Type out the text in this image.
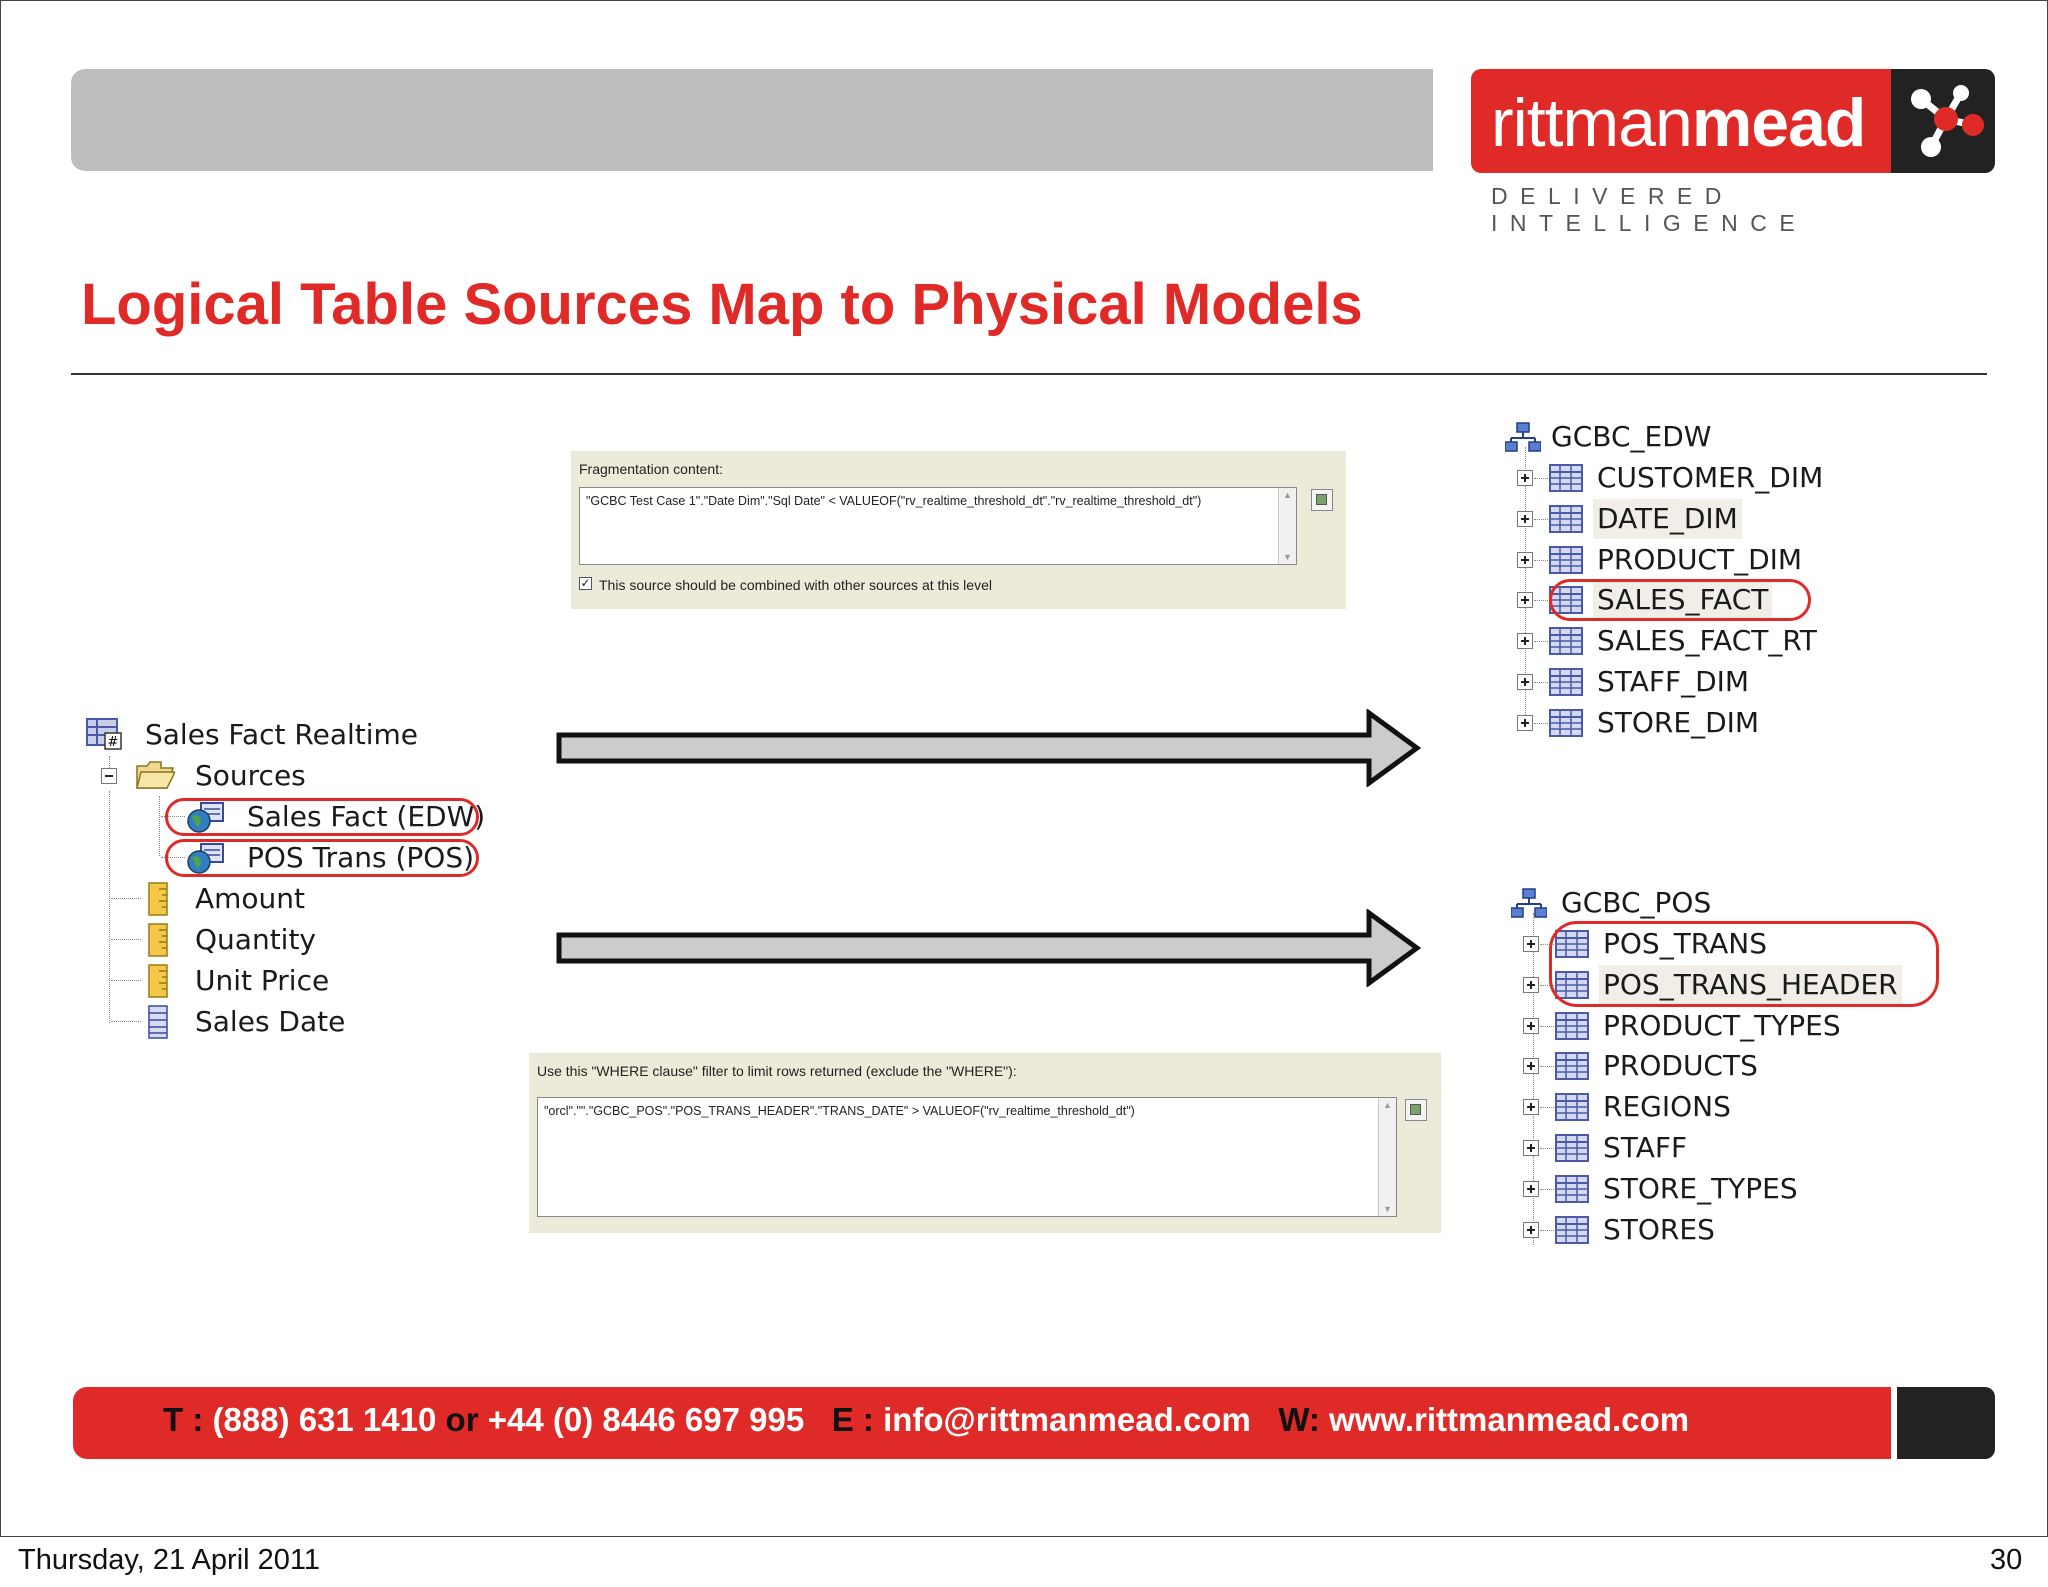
rittmanmead
DELIVERED INTELLIGENCE
Logical Table Sources Map to Physical Models
# Sales Fact Realtime
Sources
Sales Fact (EDW)
POS Trans (POS)
Amount
Quantity
Unit Price
Sales Date
Fragmentation content:
"GCBC Test Case 1"."Date Dim"."Sql Date" < VALUEOF("rv_realtime_threshold_dt"."rv_realtime_threshold_dt")
▲ ▼
✓ This source should be combined with other sources at this level
Use this "WHERE clause" filter to limit rows returned (exclude the "WHERE"):
"orcl".""."GCBC_POS"."POS_TRANS_HEADER"."TRANS_DATE" > VALUEOF("rv_realtime_threshold_dt")
▲ ▼
GCBC_EDW
CUSTOMER_DIM
DATE_DIM
PRODUCT_DIM
SALES_FACT
SALES_FACT_RT
STAFF_DIM
STORE_DIM
GCBC_POS
POS_TRANS
POS_TRANS_HEADER
PRODUCT_TYPES
PRODUCTS
REGIONS
STAFF
STORE_TYPES
STORES
T : (888) 631 1410 or +44 (0) 8446 697 995 E : info@rittmanmead.com W: www.rittmanmead.com
Thursday, 21 April 2011	30
